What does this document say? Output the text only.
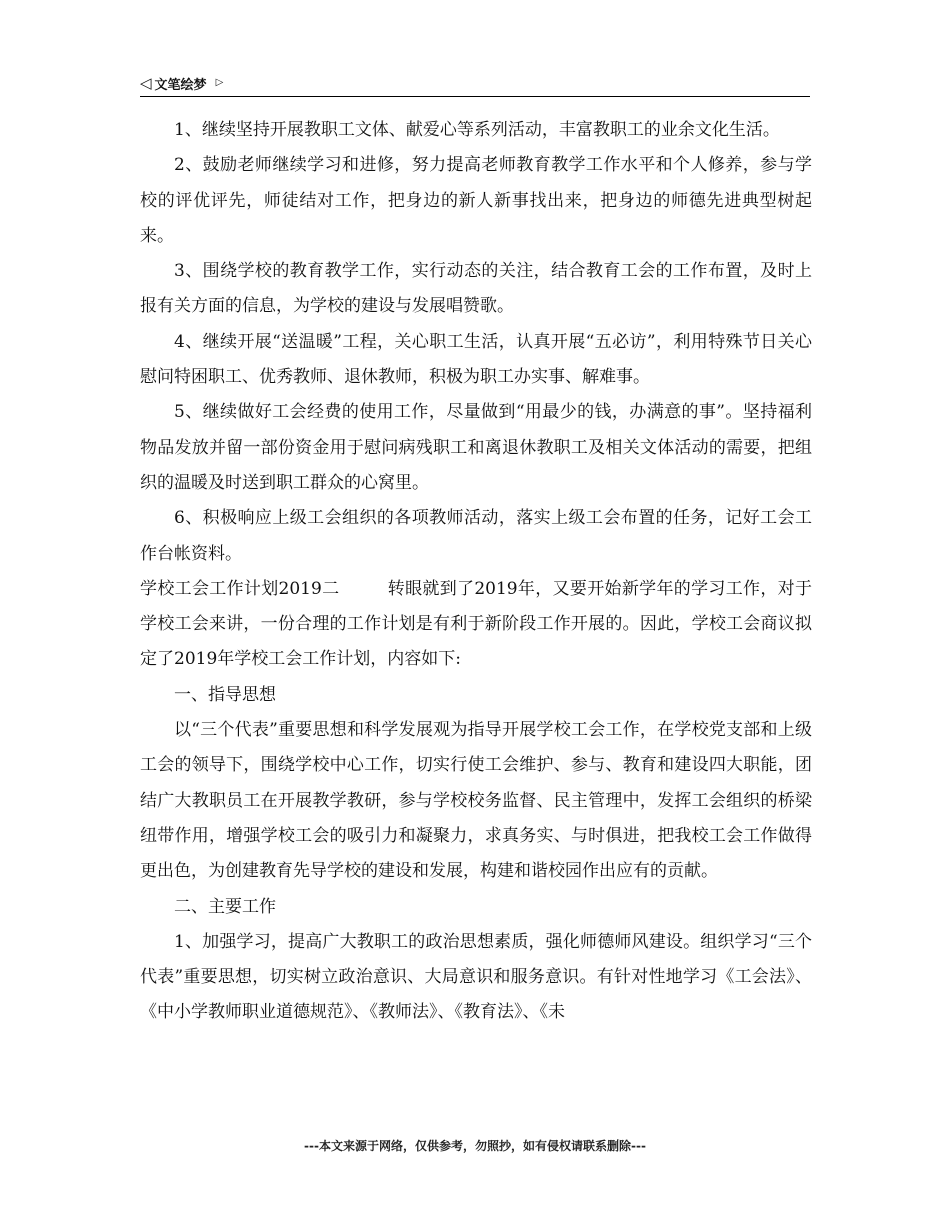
◁ 文笔绘梦 ▷

1、继续坚持开展教职工文体、献爱心等系列活动，丰富教职工的业余文化生活。

2、鼓励老师继续学习和进修，努力提高老师教育教学工作水平和个人修养，参与学校的评优评先，师徒结对工作，把身边的新人新事找出来，把身边的师德先进典型树起来。

3、围绕学校的教育教学工作，实行动态的关注，结合教育工会的工作布置，及时上报有关方面的信息，为学校的建设与发展唱赞歌。

4、继续开展“送温暖”工程，关心职工生活，认真开展“五必访”，利用特殊节日关心慰问特困职工、优秀教师、退休教师，积极为职工办实事、解难事。

5、继续做好工会经费的使用工作，尽量做到“用最少的钱，办满意的事”。坚持福利物品发放并留一部份资金用于慰问病残职工和离退休教职工及相关文体活动的需要，把组织的温暖及时送到职工群众的心窝里。

6、积极响应上级工会组织的各项教师活动，落实上级工会布置的任务，记好工会工作台帐资料。

学校工会工作计划2019二	转眼就到了2019年，又要开始新学年的学习工作，对于学校工会来讲，一份合理的工作计划是有利于新阶段工作开展的。因此，学校工会商议拟定了2019年学校工会工作计划，内容如下:

一、指导思想

以“三个代表”重要思想和科学发展观为指导开展学校工会工作，在学校党支部和上级工会的领导下，围绕学校中心工作，切实行使工会维护、参与、教育和建设四大职能，团结广大教职员工在开展教学教研，参与学校校务监督、民主管理中，发挥工会组织的桥梁纽带作用，增强学校工会的吸引力和凝聚力，求真务实、与时俱进，把我校工会工作做得更出色，为创建教育先导学校的建设和发展，构建和谐校园作出应有的贡献。

二、主要工作

1、加强学习，提高广大教职工的政治思想素质，强化师德师风建设。组织学习“三个代表”重要思想，切实树立政治意识、大局意识和服务意识。有针对性地学习《工会法》、《中小学教师职业道德规范》、《教师法》、《教育法》、《未

---本文来源于网络，仅供参考，勿照抄，如有侵权请联系删除---
